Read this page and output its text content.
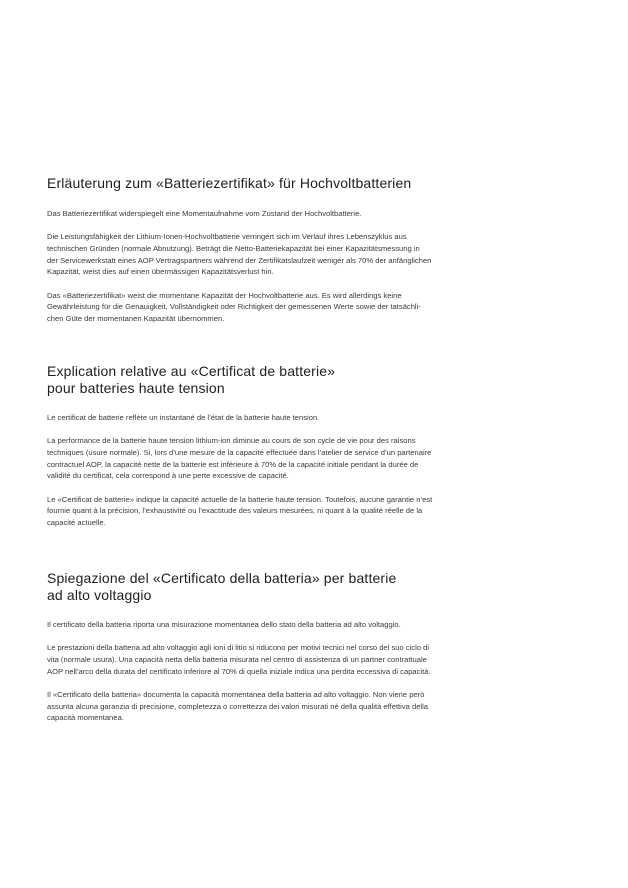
Erläuterung zum «Batteriezertifikat» für Hochvoltbatterien

Das Batteriezertifikat widerspiegelt eine Momentaufnahme vom Zustand der Hochvoltbatterie.

Die Leistungsfähigkeit der Lithium-Ionen-Hochvoltbatterie verringert sich im Verlauf ihres Lebenszyklus aus
technischen Gründen (normale Abnutzung). Beträgt die Netto-Batteriekapazität bei einer Kapazitätsmessung in
der Servicewerkstatt eines AOP Vertragspartners während der Zertifikatslaufzeit weniger als 70% der anfänglichen
Kapazität, weist dies auf einen übermässigen Kapazitätsverlust hin.

Das «Batteriezertifikat» weist die momentane Kapazität der Hochvoltbatterie aus. Es wird allerdings keine
Gewährleistung für die Genauigkeit, Vollständigkeit oder Richtigkeit der gemessenen Werte sowie der tatsächli-
chen Güte der momentanen Kapazität übernommen.

Explication relative au «Certificat de batterie»
pour batteries haute tension

Le certificat de batterie reflète un instantané de l’état de la batterie haute tension.

La performance de la batterie haute tension lithium-ion diminue au cours de son cycle de vie pour des raisons
techniques (usure normale). Si, lors d’une mesure de la capacité effectuée dans l’atelier de service d’un partenaire
contractuel AOP, la capacité nette de la batterie est inférieure à 70% de la capacité initiale pendant la durée de
validité du certificat, cela correspond à une perte excessive de capacité.

Le «Certificat de batterie» indique la capacité actuelle de la batterie haute tension. Toutefois, aucune garantie n’est
fournie quant à la précision, l’exhaustivité ou l’exactitude des valeurs mesurées, ni quant à la qualité réelle de la
capacité actuelle.

Spiegazione del «Certificato della batteria» per batterie
ad alto voltaggio

Il certificato della batteria riporta una misurazione momentanea dello stato della batteria ad alto voltaggio.

Le prestazioni della batteria ad alto voltaggio agli ioni di litio si riducono per motivi tecnici nel corso del suo ciclo di
vita (normale usura). Una capacità netta della batteria misurata nel centro di assistenza di un partner contrattuale
AOP nell’arco della durata del certificato inferiore al 70% di quella iniziale indica una perdita eccessiva di capacità.

Il «Certificato della batteria» documenta la capacità momentanea della batteria ad alto voltaggio. Non viene però
assunta alcuna garanzia di precisione, completezza o correttezza dei valori misurati né della qualità effettiva della
capacità momentanea.
